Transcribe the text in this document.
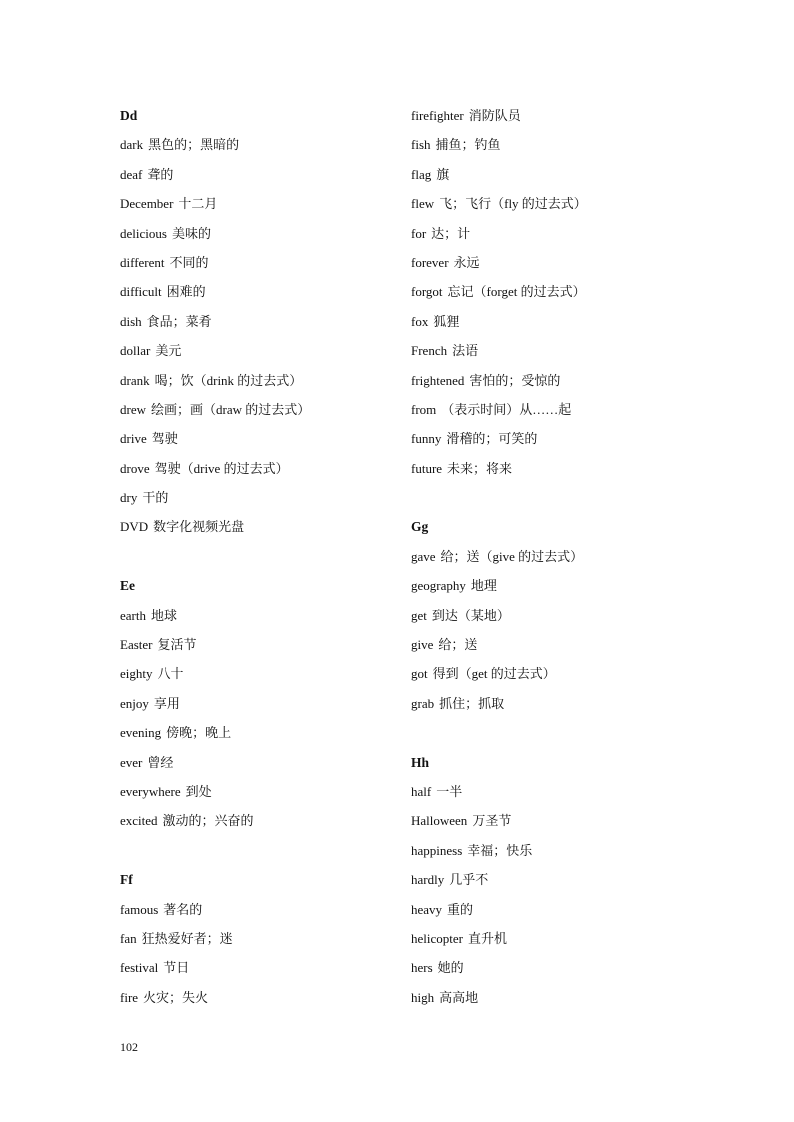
Dd
dark 黑色的；黑暗的
deaf 聋的
December 十二月
delicious 美味的
different 不同的
difficult 困难的
dish 食品；菜肴
dollar 美元
drank 喝；饮（drink 的过去式）
drew 绘画；画（draw 的过去式）
drive 驾驶
drove 驾驶（drive 的过去式）
dry 干的
DVD 数字化视频光盘
Ee
earth 地球
Easter 复活节
eighty 八十
enjoy 享用
evening 傍晚；晚上
ever 曾经
everywhere 到处
excited 激动的；兴奋的
Ff
famous 著名的
fan 狂热爱好者；迷
festival 节日
fire 火灾；失火
firefighter 消防队员
fish 捕鱼；钓鱼
flag 旗
flew 飞；飞行（fly 的过去式）
for 达；计
forever 永远
forgot 忘记（forget 的过去式）
fox 狐狸
French 法语
frightened 害怕的；受惊的
from （表示时间）从……起
funny 滑稽的；可笑的
future 未来；将来
Gg
gave 给；送（give 的过去式）
geography 地理
get 到达（某地）
give 给；送
got 得到（get 的过去式）
grab 抓住；抓取
Hh
half 一半
Halloween 万圣节
happiness 幸福；快乐
hardly 几乎不
heavy 重的
helicopter 直升机
hers 她的
high 高高地
102
